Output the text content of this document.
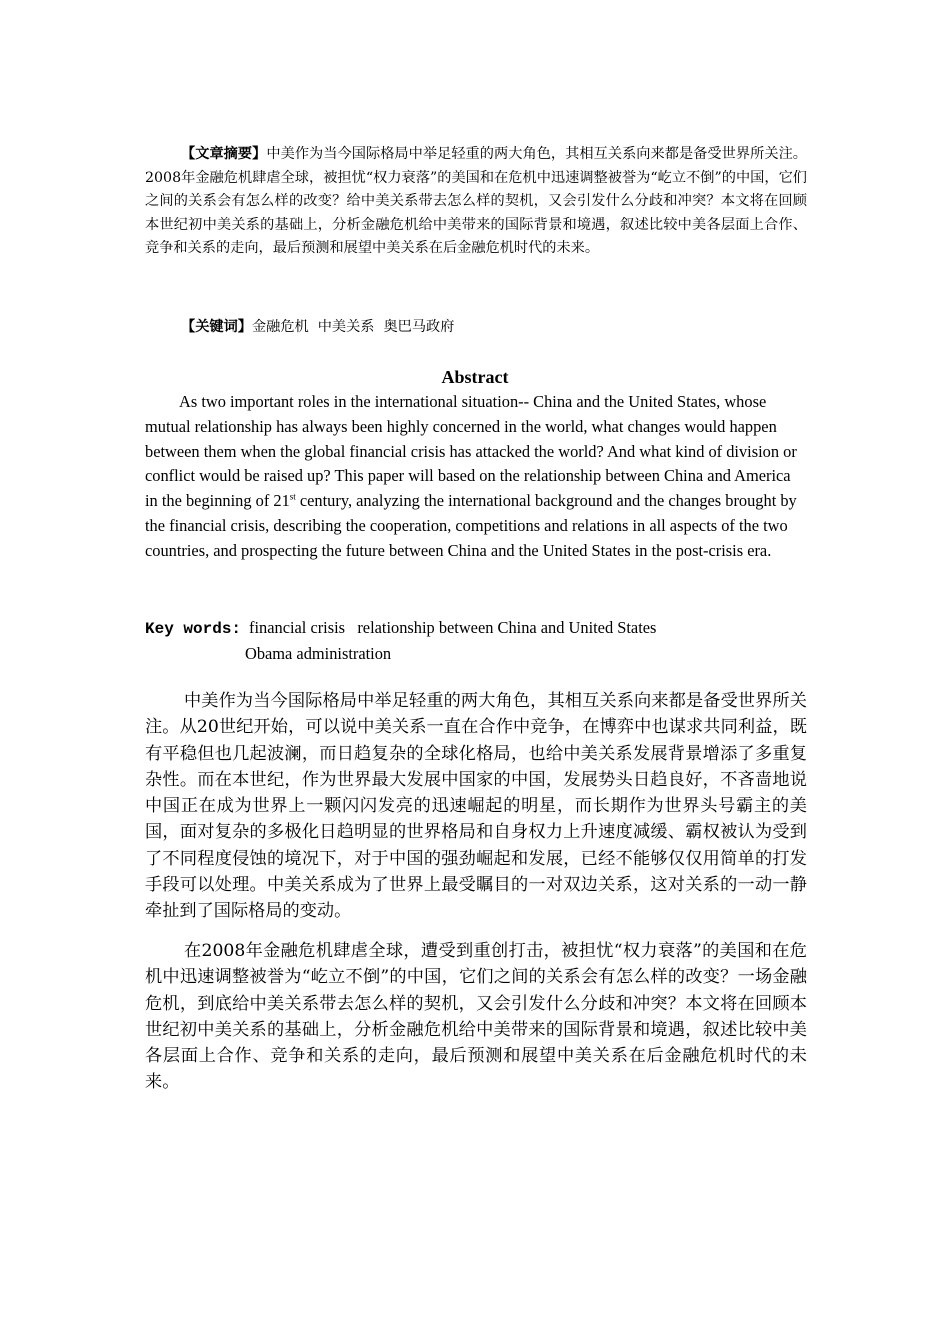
【文章摘要】中美作为当今国际格局中举足轻重的两大角色，其相互关系向来都是备受世界所关注。2008年金融危机肆虐全球，被担忧“权力衰落”的美国和在危机中迅速调整被誉为“屹立不倒”的中国，它们之间的关系会有怎么样的改变？给中美关系带去怎么样的契机，又会引发什么分歧和冲突？本文将在回顾本世纪初中美关系的基础上，分析金融危机给中美带来的国际背景和境遇，叙述比较中美各层面上合作、竞争和关系的走向，最后预测和展望中美关系在后金融危机时代的未来。

【关键词】金融危机  中美关系  奥巴马政府

Abstract

As two important roles in the international situation-- China and the United States, whose mutual relationship has always been highly concerned in the world, what changes would happen between them when the global financial crisis has attacked the world? And what kind of division or conflict would be raised up? This paper will based on the relationship between China and America in the beginning of 21st century, analyzing the international background and the changes brought by the financial crisis, describing the cooperation, competitions and relations in all aspects of the two countries, and prospecting the future between China and the United States in the post-crisis era.

Key words: financial crisis   relationship between China and United States
Obama administration

中美作为当今国际格局中举足轻重的两大角色，其相互关系向来都是备受世界所关注。从20世纪开始，可以说中美关系一直在合作中竞争，在博弈中也谋求共同利益，既有平稳但也几起波澜，而日趋复杂的全球化格局，也给中美关系发展背景增添了多重复杂性。而在本世纪，作为世界最大发展中国家的中国，发展势头日趋良好，不吝啬地说中国正在成为世界上一颗闪闪发亮的迅速崛起的明星，而长期作为世界头号霸主的美国，面对复杂的多极化日趋明显的世界格局和自身权力上升速度减缓、霸权被认为受到了不同程度侵蚀的境况下，对于中国的强劲崛起和发展，已经不能够仅仅用简单的打发手段可以处理。中美关系成为了世界上最受瞩目的一对双边关系，这对关系的一动一静牵扯到了国际格局的变动。

在2008年金融危机肆虐全球，遭受到重创打击，被担忧“权力衰落”的美国和在危机中迅速调整被誉为“屹立不倒”的中国，它们之间的关系会有怎么样的改变？一场金融危机，到底给中美关系带去怎么样的契机，又会引发什么分歧和冲突？本文将在回顾本世纪初中美关系的基础上，分析金融危机给中美带来的国际背景和境遇，叙述比较中美各层面上合作、竞争和关系的走向，最后预测和展望中美关系在后金融危机时代的未来。
